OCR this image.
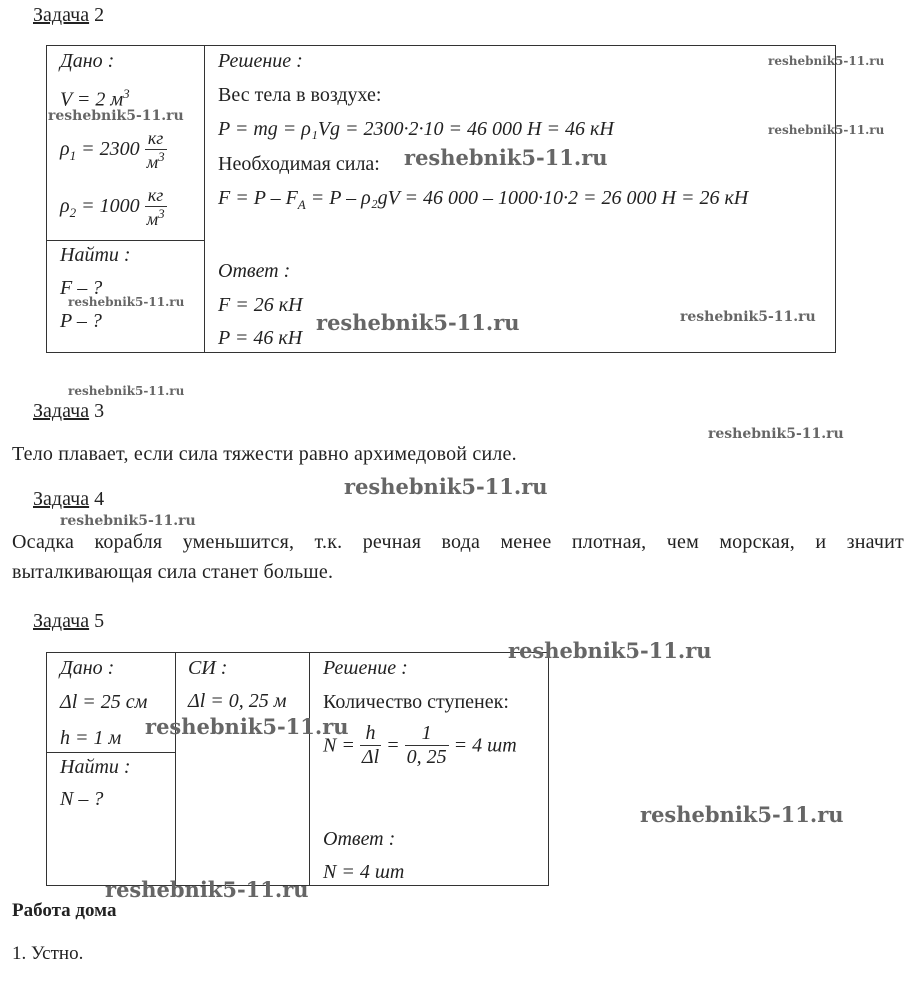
Задача 2
Дано :
V = 2 $м^3$
$\rho_1 = 2300 \frac{кг}{м^3}$
$\rho_2 = 1000 \frac{кг}{м^3}$
Найти :
F – ?
P – ?
Решение :
Вес тела в воздухе:
P = mg = ρ₁Vg = 2300·2·10 = 46 000 Н = 46 кН
Необходимая сила:
$F = P - F_A = P - \rho_2gV = 46$ 000 – 1000·10·2 = 26 000 Н = 26 кН
Ответ :
F = 26 кН
P = 46 кН
Задача 3
Тело плавает, если сила тяжести равно архимедовой силе.
Задача 4
Осадка корабля уменьшится, т.к. речная вода менее плотная, чем морская, и значит
выталкивающая сила станет больше.
Задача 5
Дано :
Δl = 25 см
h = 1 м
Найти :
N – ?
СИ :
Δl = 0, 25 м
Решение :
Количество ступенек:
$N = \frac{h}{\Delta l} = \frac{1}{0, 25} = 4$ шт
Ответ :
N = 4 шт
Работа дома
1. Устно.
reshebnik5-11.ru
reshebnik5-11.ru
reshebnik5-11.ru
reshebnik5-11.ru
reshebnik5-11.ru
reshebnik5-11.ru	reshebnik5-11.ru
reshebnik5-11.ru
reshebnik5-11.ru
reshebnik5-11.ru
reshebnik5-11.ru
reshebnik5-11.ru
reshebnik5-11.ru
reshebnik5-11.ru
reshebnik5-11.ru
